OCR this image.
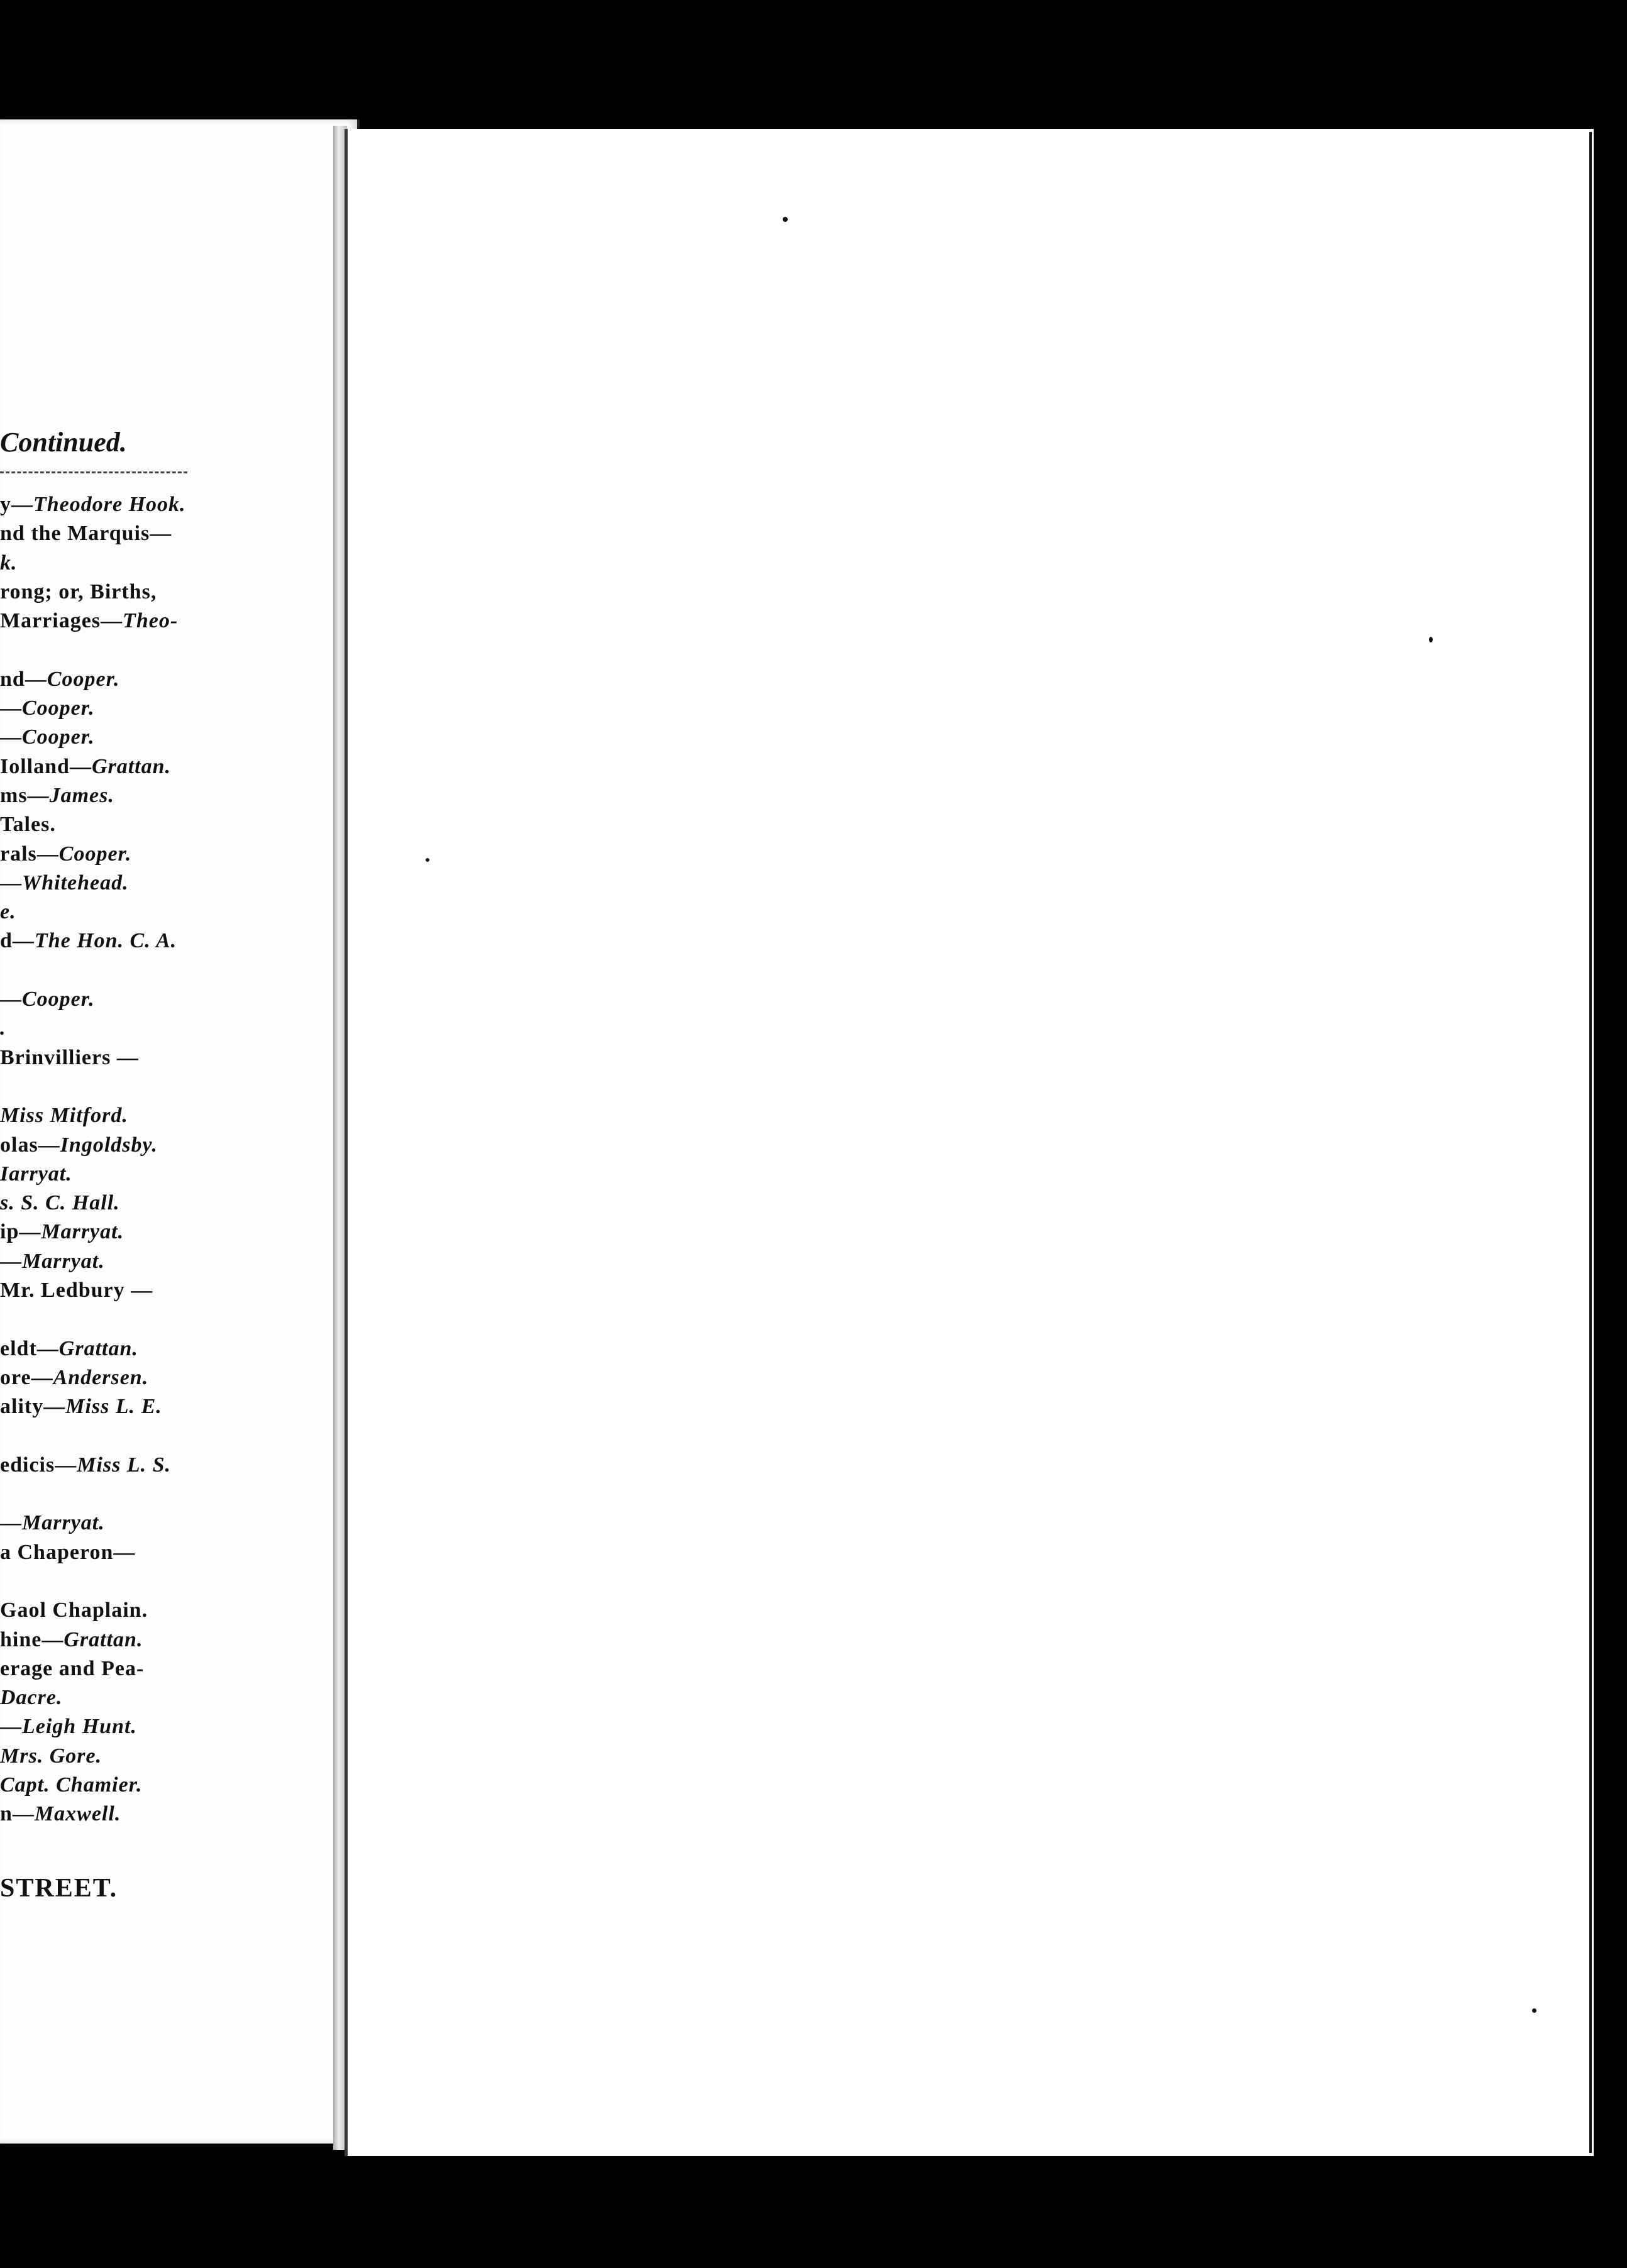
Continued.
y—Theodore Hook.
nd the Marquis—
k.
rong; or, Births,
Marriages—Theo-
nd—Cooper.
—Cooper.
—Cooper.
Iolland—Grattan.
ms—James.
Tales.
rals—Cooper.
—Whitehead.
e.
d—The Hon. C. A.
—Cooper.
.
Brinvilliers —
Miss Mitford.
olas—Ingoldsby.
Iarryat.
s. S. C. Hall.
ip—Marryat.
—Marryat.
Mr. Ledbury —
eldt—Grattan.
ore—Andersen.
ality—Miss L. E.
edicis—Miss L. S.
—Marryat.
a Chaperon—
Gaol Chaplain.
hine—Grattan.
erage and Pea-
Dacre.
—Leigh Hunt.
Mrs. Gore.
Capt. Chamier.
n—Maxwell.
STREET.
